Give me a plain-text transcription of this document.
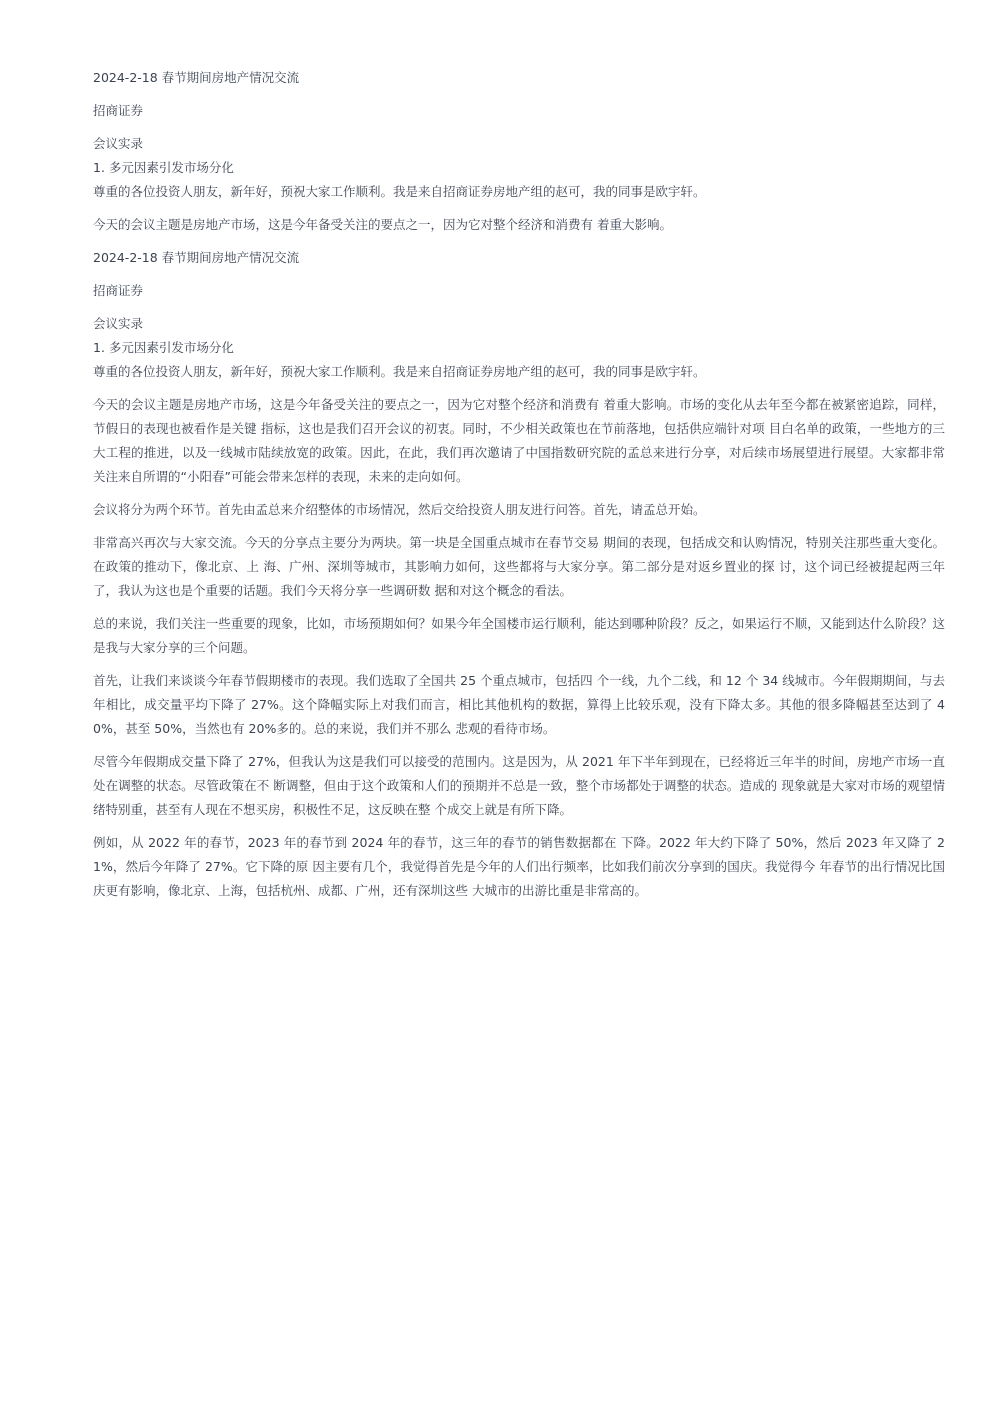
2024-2-18 春节期间房地产情况交流

招商证券

会议实录

1. 多元因素引发市场分化

尊重的各位投资人朋友，新年好，预祝大家工作顺利。我是来自招商证券房地产组的赵可，我的同事是欧宇轩。

今天的会议主题是房地产市场，这是今年备受关注的要点之一，因为它对整个经济和消费有 着重大影响。

2024-2-18 春节期间房地产情况交流

招商证券

会议实录

1. 多元因素引发市场分化

尊重的各位投资人朋友，新年好，预祝大家工作顺利。我是来自招商证券房地产组的赵可，我的同事是欧宇轩。

今天的会议主题是房地产市场，这是今年备受关注的要点之一，因为它对整个经济和消费有 着重大影响。市场的变化从去年至今都在被紧密追踪，同样，节假日的表现也被看作是关键 指标，这也是我们召开会议的初衷。同时，不少相关政策也在节前落地，包括供应端针对项 目白名单的政策，一些地方的三大工程的推进，以及一线城市陆续放宽的政策。因此，在此，我们再次邀请了中国指数研究院的孟总来进行分享，对后续市场展望进行展望。大家都非常 关注来自所谓的“小阳春”可能会带来怎样的表现，未来的走向如何。

会议将分为两个环节。首先由孟总来介绍整体的市场情况，然后交给投资人朋友进行问答。首先，请孟总开始。

非常高兴再次与大家交流。今天的分享点主要分为两块。第一块是全国重点城市在春节交易 期间的表现，包括成交和认购情况，特别关注那些重大变化。在政策的推动下，像北京、上 海、广州、深圳等城市，其影响力如何，这些都将与大家分享。第二部分是对返乡置业的探 讨，这个词已经被提起两三年了，我认为这也是个重要的话题。我们今天将分享一些调研数 据和对这个概念的看法。

总的来说，我们关注一些重要的现象，比如，市场预期如何？如果今年全国楼市运行顺利，能达到哪种阶段？反之，如果运行不顺，又能到达什么阶段？这是我与大家分享的三个问题。

首先，让我们来谈谈今年春节假期楼市的表现。我们选取了全国共 25 个重点城市，包括四 个一线，九个二线，和 12 个 34 线城市。今年假期期间，与去年相比，成交量平均下降了 27%。这个降幅实际上对我们而言，相比其他机构的数据，算得上比较乐观，没有下降太多。其他的很多降幅甚至达到了 40%，甚至 50%，当然也有 20%多的。总的来说，我们并不那么 悲观的看待市场。

尽管今年假期成交量下降了 27%，但我认为这是我们可以接受的范围内。这是因为，从 2021 年下半年到现在，已经将近三年半的时间，房地产市场一直处在调整的状态。尽管政策在不 断调整，但由于这个政策和人们的预期并不总是一致，整个市场都处于调整的状态。造成的 现象就是大家对市场的观望情绪特别重，甚至有人现在不想买房，积极性不足，这反映在整 个成交上就是有所下降。

例如，从 2022 年的春节，2023 年的春节到 2024 年的春节，这三年的春节的销售数据都在 下降。2022 年大约下降了 50%，然后 2023 年又降了 21%，然后今年降了 27%。它下降的原 因主要有几个，我觉得首先是今年的人们出行频率，比如我们前次分享到的国庆。我觉得今 年春节的出行情况比国庆更有影响，像北京、上海，包括杭州、成都、广州，还有深圳这些 大城市的出游比重是非常高的。
